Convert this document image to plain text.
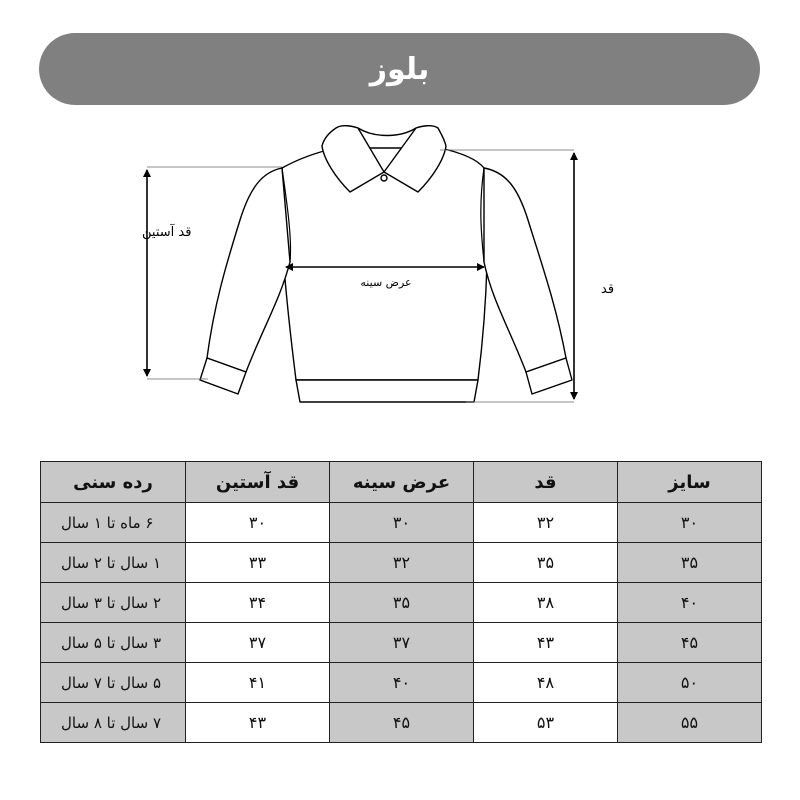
بلوز
قد آستین
عرض سینه	قد
سایز	قد	عرض سینه	قد آستین	رده سنی
۳۰	۳۲	۳۰	۳۰	۶ ماه تا ۱ سال
۳۵	۳۵	۳۲	۳۳	۱ سال تا ۲ سال
۴۰	۳۸	۳۵	۳۴	۲ سال تا ۳ سال
۴۵	۴۳	۳۷	۳۷	۳ سال تا ۵ سال
۵۰	۴۸	۴۰	۴۱	۵ سال تا ۷ سال
۵۵	۵۳	۴۵	۴۳	۷ سال تا ۸ سال
